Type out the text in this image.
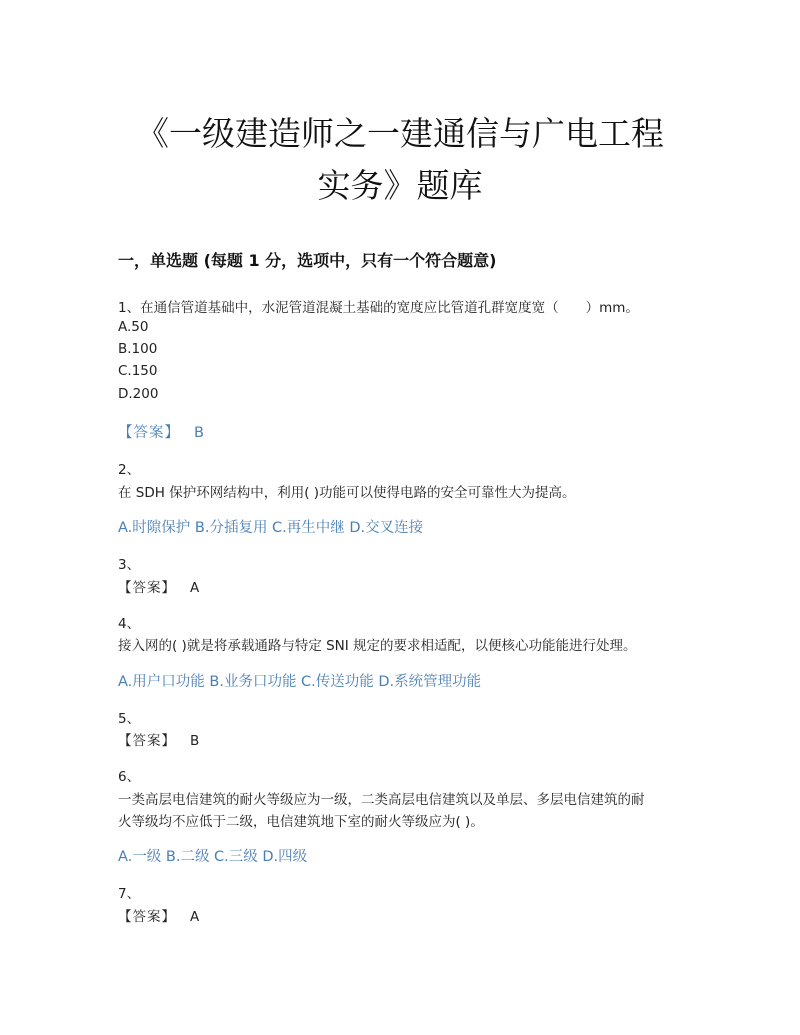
《一级建造师之一建通信与广电工程
实务》题库
一，单选题 (每题 1 分，选项中，只有一个符合题意)
1、在通信管道基础中，水泥管道混凝土基础的宽度应比管道孔群宽度宽（　　）mm。
A.50
B.100
C.150
D.200
【答案】 B
2、
在 SDH 保护环网结构中，利用( )功能可以使得电路的安全可靠性大为提高。
A.时隙保护 B.分插复用 C.再生中继 D.交叉连接
3、
【答案】 A
4、
接入网的( )就是将承载通路与特定 SNI 规定的要求相适配，以便核心功能能进行处理。
A.用户口功能 B.业务口功能 C.传送功能 D.系统管理功能
5、
【答案】 B
6、
一类高层电信建筑的耐火等级应为一级，二类高层电信建筑以及单层、多层电信建筑的耐
火等级均不应低于二级，电信建筑地下室的耐火等级应为( )。
A.一级 B.二级 C.三级 D.四级
7、
【答案】 A
